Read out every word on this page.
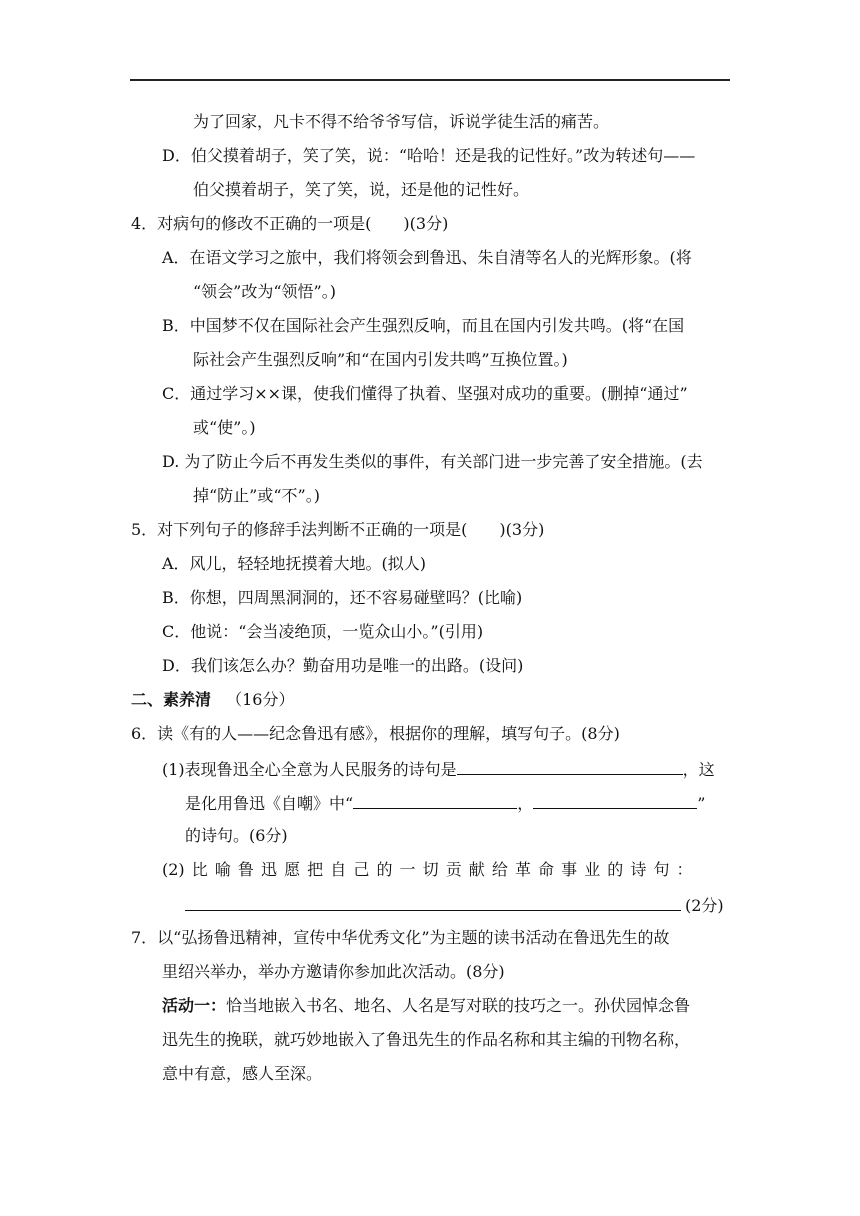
为了回家，凡卡不得不给爷爷写信，诉说学徒生活的痛苦。
D．伯父摸着胡子，笑了笑，说：“哈哈！还是我的记性好。”改为转述句——
伯父摸着胡子，笑了笑，说，还是他的记性好。
4．对病句的修改不正确的一项是(　　)(3分)
A．在语文学习之旅中，我们将领会到鲁迅、朱自清等名人的光辉形象。(将
“领会”改为“领悟”。)
B．中国梦不仅在国际社会产生强烈反响，而且在国内引发共鸣。(将“在国
际社会产生强烈反响”和“在国内引发共鸣”互换位置。)
C．通过学习××课，使我们懂得了执着、坚强对成功的重要。(删掉“通过”
或“使”。)
D. 为了防止今后不再发生类似的事件，有关部门进一步完善了安全措施。(去
掉“防止”或“不”。)
5．对下列句子的修辞手法判断不正确的一项是(　　)(3分)
A．风儿，轻轻地抚摸着大地。(拟人)
B．你想，四周黑洞洞的，还不容易碰壁吗？(比喻)
C．他说：“会当凌绝顶，一览众山小。”(引用)
D．我们该怎么办？勤奋用功是唯一的出路。(设问)
二、素养清 （16分）
6．读《有的人——纪念鲁迅有感》，根据你的理解，填写句子。(8分)
(1)表现鲁迅全心全意为人民服务的诗句是	，这
是化用鲁迅《自嘲》中“	，	”
的诗句。(6分)
(2) 比 喻 鲁 迅 愿 把 自 己 的 一 切 贡 献 给 革 命 事 业 的 诗 句 ：
(2分)
7．以“弘扬鲁迅精神，宣传中华优秀文化”为主题的读书活动在鲁迅先生的故
里绍兴举办，举办方邀请你参加此次活动。(8分)
活动一：恰当地嵌入书名、地名、人名是写对联的技巧之一。孙伏园悼念鲁
迅先生的挽联，就巧妙地嵌入了鲁迅先生的作品名称和其主编的刊物名称，
意中有意，感人至深。
